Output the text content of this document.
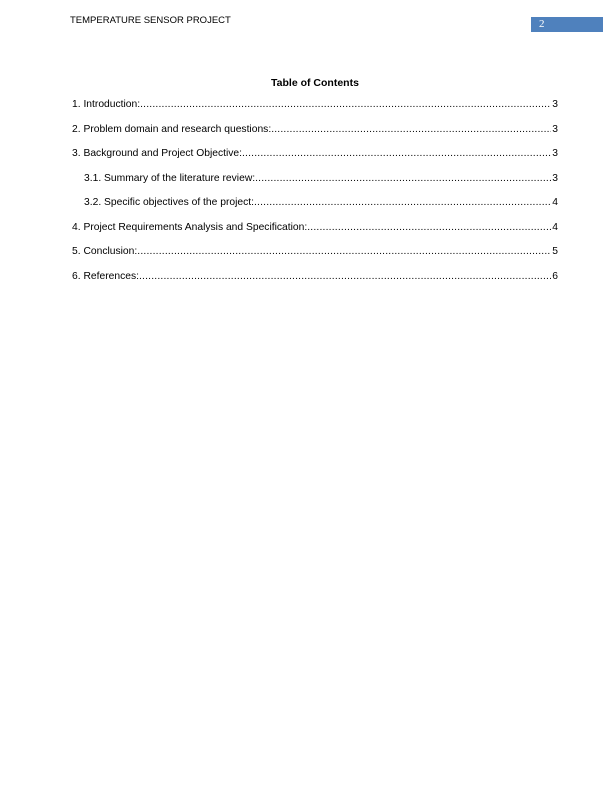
TEMPERATURE SENSOR PROJECT	2
Table of Contents
1. Introduction: .....	3
2. Problem domain and research questions: .....	3
3. Background and Project Objective: .....	3
3.1. Summary of the literature review: .....	3
3.2. Specific objectives of the project: .....	4
4. Project Requirements Analysis and Specification: .....	4
5. Conclusion: .....	5
6. References: .....	6
